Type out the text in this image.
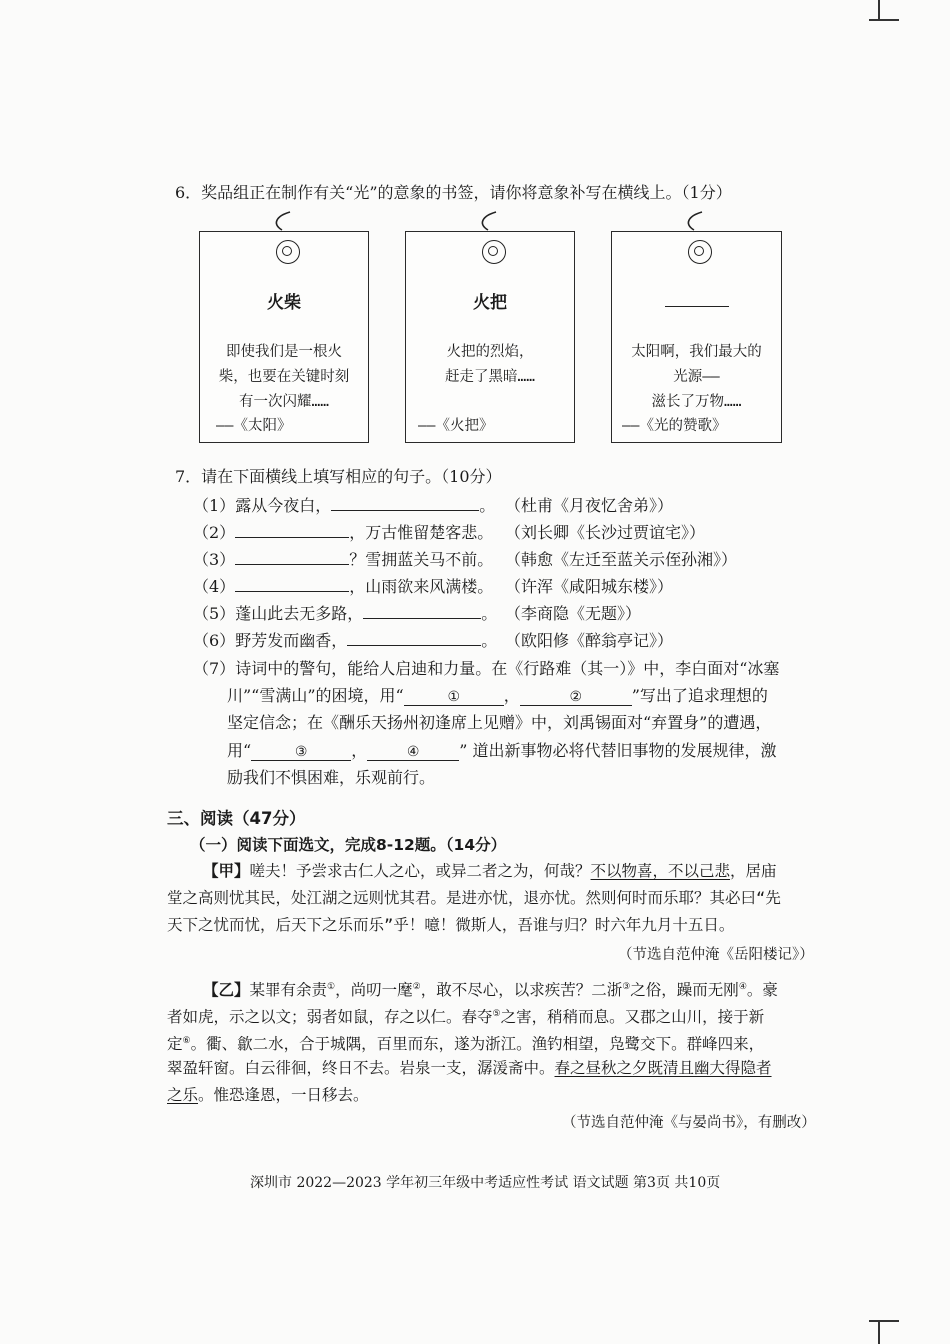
6．奖品组正在制作有关“光”的意象的书签，请你将意象补写在横线上。（1分）
火柴
即使我们是一根火
柴，也要在关键时刻
有一次闪耀……
——《太阳》
火把
火把的烈焰，
赶走了黑暗……
——《火把》
太阳啊，我们最大的
光源——
滋长了万物……
——《光的赞歌》
7．请在下面横线上填写相应的句子。（10分）
（1）露从今夜白，	。 （杜甫《月夜忆舍弟》）
（2）	，万古惟留楚客悲。 （刘长卿《长沙过贾谊宅》）
（3）	？雪拥蓝关马不前。 （韩愈《左迁至蓝关示侄孙湘》）
（4）	，山雨欲来风满楼。 （许浑《咸阳城东楼》）
（5）蓬山此去无多路，	。 （李商隐《无题》）
（6）野芳发而幽香，	。 （欧阳修《醉翁亭记》）
（7）诗词中的警句，能给人启迪和力量。在《行路难（其一）》中，李白面对“冰塞
川”“雪满山”的困境，用“	①	，	②	”写出了追求理想的
坚定信念；在《酬乐天扬州初逢席上见赠》中，刘禹锡面对“弃置身”的遭遇，
用“	③	，	④ ” 道出新事物必将代替旧事物的发展规律，激
励我们不惧困难，乐观前行。
三、阅读（47分）
（一）阅读下面选文，完成8-12题。（14分）
【甲】嗟夫！予尝求古仁人之心，或异二者之为，何哉？不以物喜，不以己悲，居庙
堂之高则忧其民，处江湖之远则忧其君。是进亦忧，退亦忧。然则何时而乐耶？其必曰“先
天下之忧而忧，后天下之乐而乐”乎！噫！微斯人，吾谁与归？时六年九月十五日。
（节选自范仲淹《岳阳楼记》）
【乙】某罪有余责①，尚叨一麾②，敢不尽心，以求疾苦？二浙③之俗，躁而无刚④。豪
者如虎，示之以文；弱者如鼠，存之以仁。春夺⑤之害，稍稍而息。又郡之山川，接于新
定⑥。衢、歙二水，合于城隅，百里而东，遂为浙江。渔钓相望，凫鹭交下。群峰四来，
翠盈轩窗。白云徘徊，终日不去。岩泉一支，潺湲斋中。春之昼秋之夕既清且幽大得隐者
之乐。惟恐逢恩，一日移去。
（节选自范仲淹《与晏尚书》，有删改）
深圳市 2022—2023 学年初三年级中考适应性考试 语文试题 第3页 共10页
